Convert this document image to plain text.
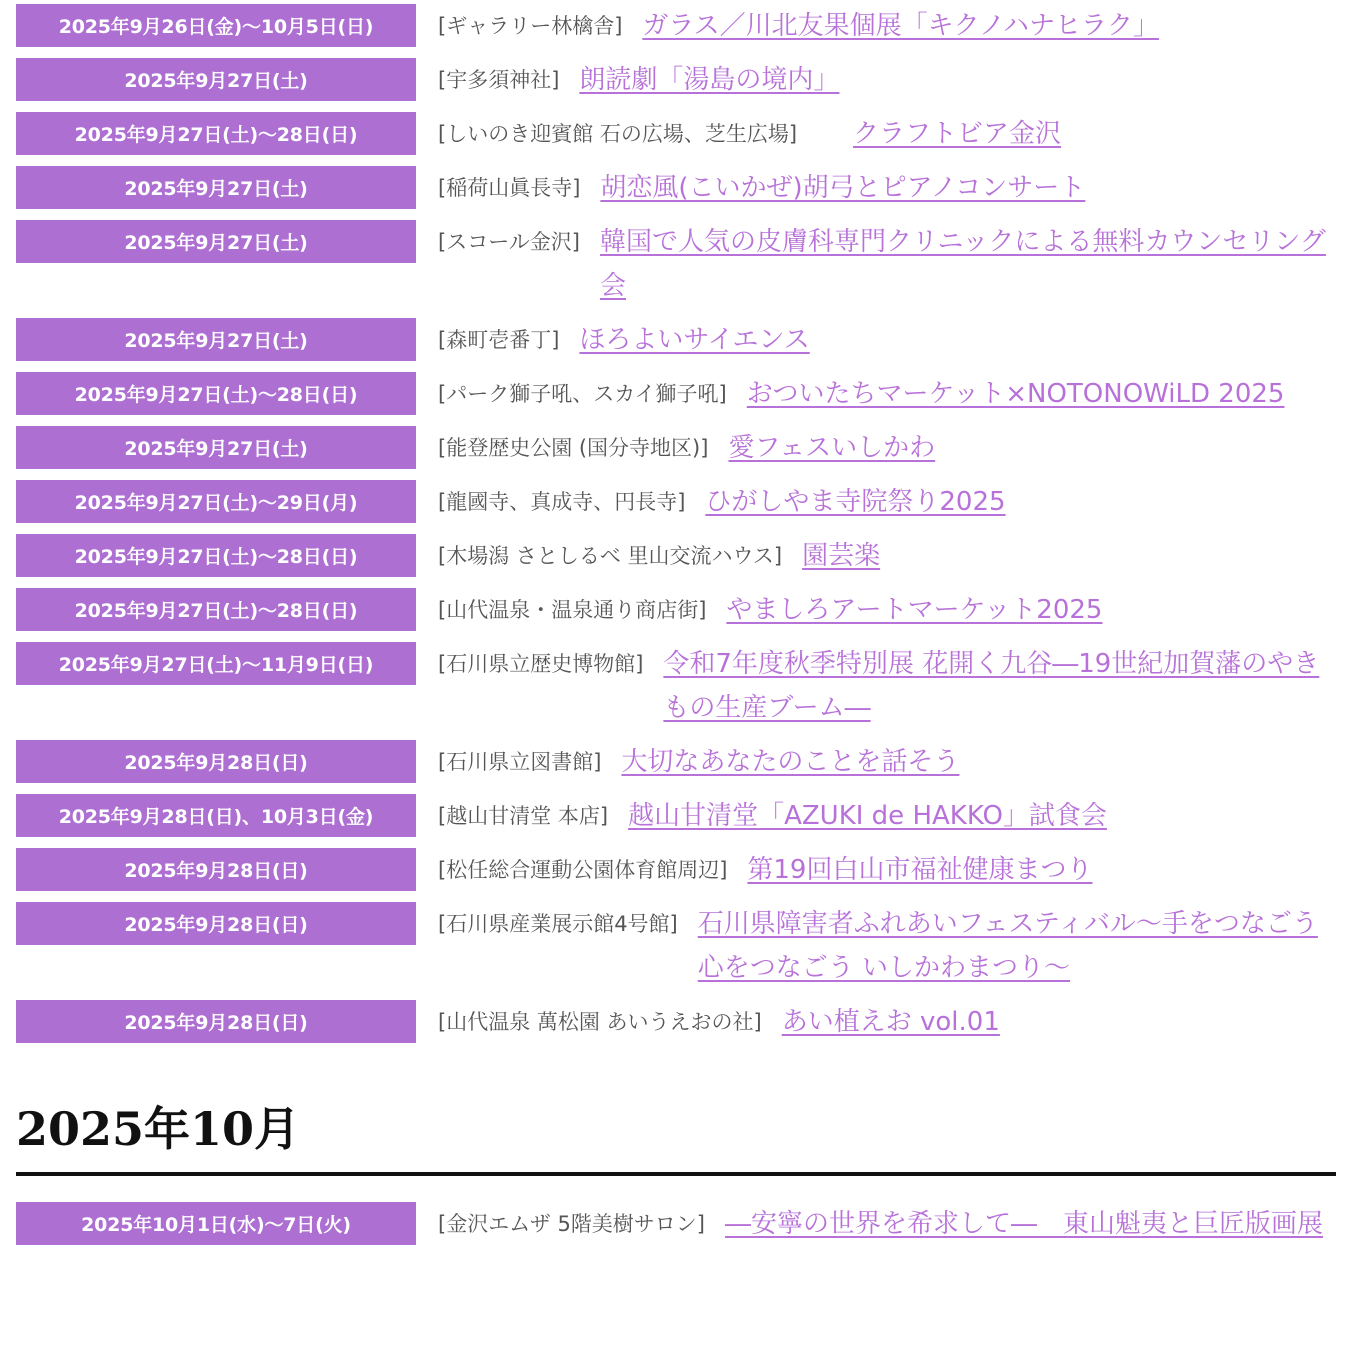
2025年9月26日(金)〜10月5日(日)	[ギャラリー林檎舎] ガラス／川北友果個展「キクノハナヒラク」
2025年9月27日(土)	[宇多須神社] 朗読劇「湯島の境内」
2025年9月27日(土)〜28日(日)	[しいのき迎賓館 石の広場、芝生広場]	クラフトビア金沢
2025年9月27日(土)	[稲荷山眞長寺] 胡恋風(こいかぜ)胡弓とピアノコンサート
2025年9月27日(土)	[スコール金沢] 韓国で人気の皮膚科専門クリニックによる無料カウンセリング会
2025年9月27日(土)	[森町壱番丁] ほろよいサイエンス
2025年9月27日(土)〜28日(日)	[パーク獅子吼、スカイ獅子吼] おついたちマーケット×NOTONOWiLD 2025
2025年9月27日(土)	[能登歴史公園 (国分寺地区)] 愛フェスいしかわ
2025年9月27日(土)〜29日(月)	[龍國寺、真成寺、円長寺] ひがしやま寺院祭り2025
2025年9月27日(土)〜28日(日)	[木場潟 さとしるべ 里山交流ハウス] 園芸楽
2025年9月27日(土)〜28日(日)	[山代温泉・温泉通り商店街] やましろアートマーケット2025
2025年9月27日(土)〜11月9日(日)	[石川県立歴史博物館] 令和7年度秋季特別展 花開く九谷―19世紀加賀藩のやきもの生産ブーム―
2025年9月28日(日)	[石川県立図書館] 大切なあなたのことを話そう
2025年9月28日(日)、10月3日(金)	[越山甘清堂 本店] 越山甘清堂「AZUKI de HAKKO」試食会
2025年9月28日(日)	[松任総合運動公園体育館周辺] 第19回白山市福祉健康まつり
2025年9月28日(日)	[石川県産業展示館4号館] 石川県障害者ふれあいフェスティバル〜手をつなごう 心をつなごう いしかわまつり〜
2025年9月28日(日)	[山代温泉 萬松園 あいうえおの社] あい植えお vol.01
2025年10月
2025年10月1日(水)〜7日(火)	[金沢エムザ 5階美樹サロン] ―安寧の世界を希求して―　東山魁夷と巨匠版画展
